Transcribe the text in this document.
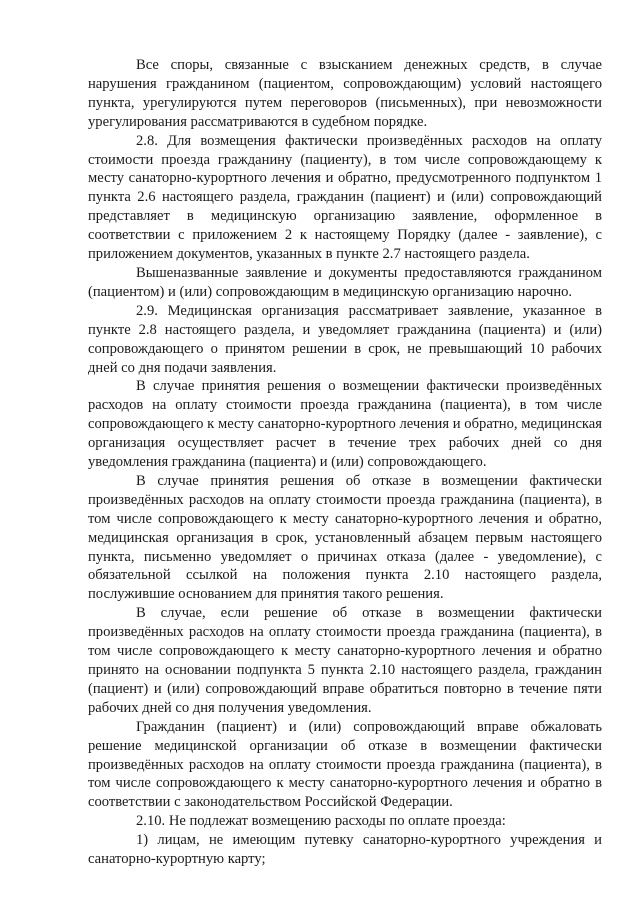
Все споры, связанные с взысканием денежных средств, в случае нарушения гражданином (пациентом, сопровождающим) условий настоящего пункта, урегулируются путем переговоров (письменных), при невозможности урегулирования рассматриваются в судебном порядке.

2.8. Для возмещения фактически произведённых расходов на оплату стоимости проезда гражданину (пациенту), в том числе сопровождающему к месту санаторно-курортного лечения и обратно, предусмотренного подпунктом 1 пункта 2.6 настоящего раздела, гражданин (пациент) и (или) сопровождающий представляет в медицинскую организацию заявление, оформленное в соответствии с приложением 2 к настоящему Порядку (далее - заявление), с приложением документов, указанных в пункте 2.7 настоящего раздела.

Вышеназванные заявление и документы предоставляются гражданином (пациентом) и (или) сопровождающим в медицинскую организацию нарочно.

2.9. Медицинская организация рассматривает заявление, указанное в пункте 2.8 настоящего раздела, и уведомляет гражданина (пациента) и (или) сопровождающего о принятом решении в срок, не превышающий 10 рабочих дней со дня подачи заявления.

В случае принятия решения о возмещении фактически произведённых расходов на оплату стоимости проезда гражданина (пациента), в том числе сопровождающего к месту санаторно-курортного лечения и обратно, медицинская организация осуществляет расчет в течение трех рабочих дней со дня уведомления гражданина (пациента) и (или) сопровождающего.

В случае принятия решения об отказе в возмещении фактически произведённых расходов на оплату стоимости проезда гражданина (пациента), в том числе сопровождающего к месту санаторно-курортного лечения и обратно, медицинская организация в срок, установленный абзацем первым настоящего пункта, письменно уведомляет о причинах отказа (далее - уведомление), с обязательной ссылкой на положения пункта 2.10 настоящего раздела, послужившие основанием для принятия такого решения.

В случае, если решение об отказе в возмещении фактически произведённых расходов на оплату стоимости проезда гражданина (пациента), в том числе сопровождающего к месту санаторно-курортного лечения и обратно принято на основании подпункта 5 пункта 2.10 настоящего раздела, гражданин (пациент) и (или) сопровождающий вправе обратиться повторно в течение пяти рабочих дней со дня получения уведомления.

Гражданин (пациент) и (или) сопровождающий вправе обжаловать решение медицинской организации об отказе в возмещении фактически произведённых расходов на оплату стоимости проезда гражданина (пациента), в том числе сопровождающего к месту санаторно-курортного лечения и обратно в соответствии с законодательством Российской Федерации.

2.10. Не подлежат возмещению расходы по оплате проезда:

1) лицам, не имеющим путевку санаторно-курортного учреждения и санаторно-курортную карту;
